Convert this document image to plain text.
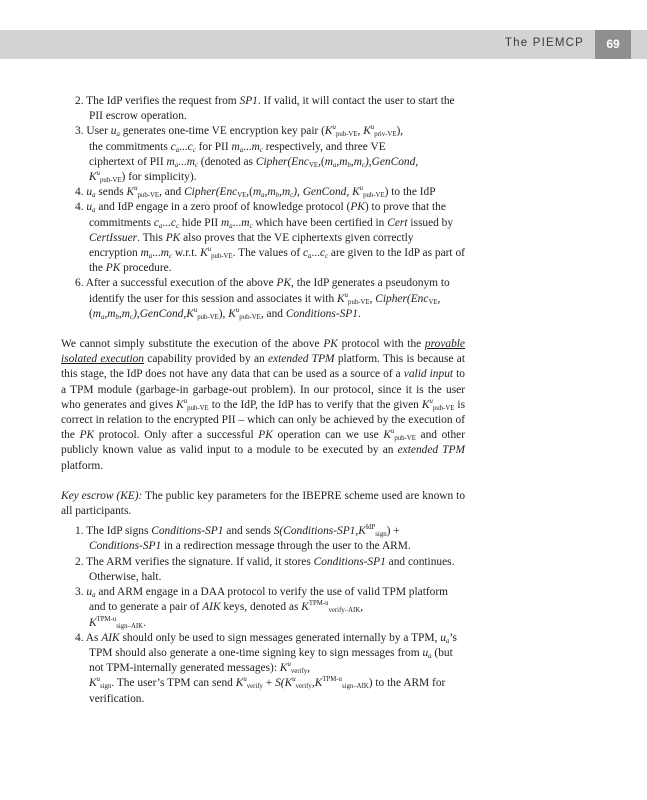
The PIEMCP	69
2. The IdP verifies the request from SP1. If valid, it will contact the user to start the PII escrow operation.
3. User $u_a$ generates one-time VE encryption key pair ($K^u_{pub-VE}$, $K^u_{priv-VE}$),
the commitments $c_a...c_c$ for PII $m_a...m_c$ respectively, and three VE
ciphertext of PII $m_a...m_c$ (denoted as $Cipher(Enc_{VE},(m_a,m_b,m_c),GenCond$,
$K^u_{pub-VE}$) for simplicity).
4. $u_a$ sends $K^u_{pub-VE}$, and $Cipher(Enc_{VE},(m_a,m_b,m_c)$, GenCond, $K^u_{pub-VE}$) to the IdP
4. $u_a$ and IdP engage in a zero proof of knowledge protocol (PK) to prove that the commitments $c_a...c_c$ hide PII $m_a...m_c$ which have been certified in Cert issued by CertIssuer. This PK also proves that the VE ciphertexts given correctly encryption $m_a...m_c$ w.r.t. $K^u_{pub-VE}$. The values of $c_a...c_c$ are given to the IdP as part of the PK procedure.
6. After a successful execution of the above PK, the IdP generates a pseudonym to identify the user for this session and associates it with $K^u_{pub-VE}$, $Cipher(Enc_{VE},(m_a,m_b,m_c),GenCond,K^u_{pub-VE})$, $K^u_{pub-VE}$, and Conditions-SP1.

We cannot simply substitute the execution of the above PK protocol with the provable isolated execution capability provided by an extended TPM platform. This is because at this stage, the IdP does not have any data that can be used as a source of a valid input to a TPM module (garbage-in garbage-out problem). In our protocol, since it is the user who generates and gives $K^u_{pub-VE}$ to the IdP, the IdP has to verify that the given $K^u_{pub-VE}$ is correct in relation to the encrypted PII – which can only be achieved by the execution of the PK protocol. Only after a successful PK operation can we use $K^u_{pub-VE}$ and other publicly known value as valid input to a module to be executed by an extended TPM platform.

Key escrow (KE): The public key parameters for the IBEPRE scheme used are known to all participants.

1. The IdP signs Conditions-SP1 and sends $S(Conditions-SP1,K^{IdP}_{sign})$ +
Conditions-SP1 in a redirection message through the user to the ARM.
2. The ARM verifies the signature. If valid, it stores Conditions-SP1 and continues. Otherwise, halt.
3. $u_a$ and ARM engage in a DAA protocol to verify the use of valid TPM platform and to generate a pair of AIK keys, denoted as $K^{TPM-u}_{verify-AIK}$,
$K^{TPM-u}_{sign-AIK}$.
4. As AIK should only be used to sign messages generated internally by a TPM, $u_a’s$ TPM should also generate a one-time signing key to sign messages from $u_a$ (but not TPM-internally generated messages): $K^u_{verify}$,
$K^u_{sign}$. The user’s TPM can send $K^u_{verify} + S(K^u_{verify},K^{TPM-u}_{sign-AIK})$ to the ARM for verification.
